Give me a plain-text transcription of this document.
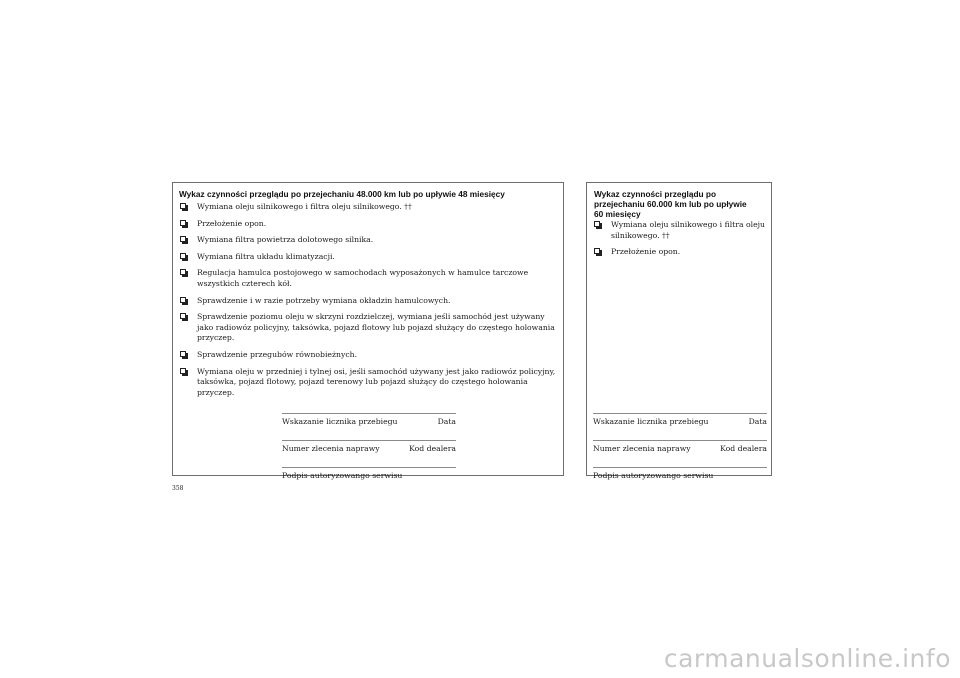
Wykaz czynności przeglądu po przejechaniu 48.000 km lub po upływie 48 miesięcy
Wymiana oleju silnikowego i filtra oleju silnikowego. ††
Przełożenie opon.
Wymiana filtra powietrza dolotowego silnika.
Wymiana filtra układu klimatyzacji.
Regulacja hamulca postojowego w samochodach wyposażonych w hamulce tarczowe wszystkich czterech kół.
Sprawdzenie i w razie potrzeby wymiana okładzin hamulcowych.
Sprawdzenie poziomu oleju w skrzyni rozdzielczej, wymiana jeśli samochód jest używany jako radiowóz policyjny, taksówka, pojazd flotowy lub pojazd służący do częstego holowania przyczep.
Sprawdzenie przegubów równobieżnych.
Wymiana oleju w przedniej i tylnej osi, jeśli samochód używany jest jako radiowóz policyjny, taksówka, pojazd flotowy, pojazd terenowy lub pojazd służący do częstego holowania przyczep.
Wskazanie licznika przebiegu	Data
Numer zlecenia naprawy	Kod dealera
Podpis autoryzowango serwisu
Wykaz czynności przeglądu po
przejechaniu 60.000 km lub po upływie
60 miesięcy
Wymiana oleju silnikowego i filtra oleju silnikowego. ††
Przełożenie opon.
Wskazanie licznika przebiegu	Data
Numer zlecenia naprawy	Kod dealera
Podpis autoryzowango serwisu
358
carmanualsonline.info
